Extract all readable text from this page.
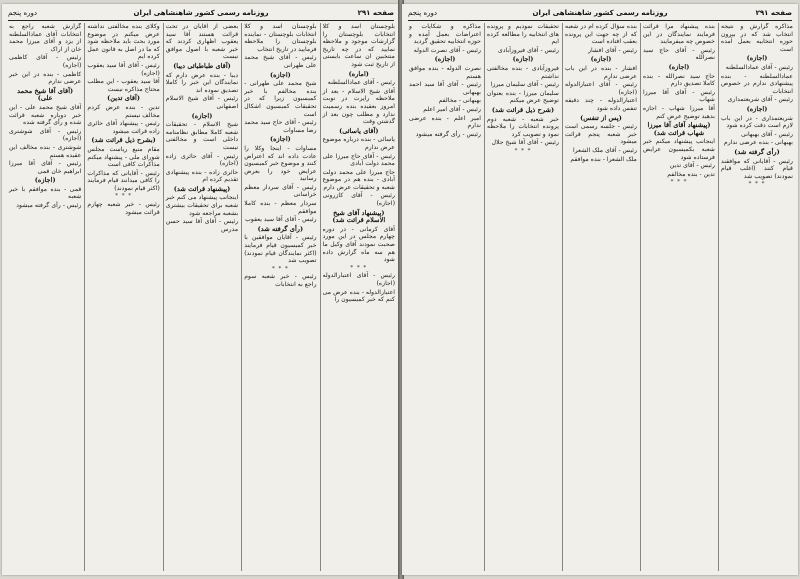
صفحه ۲۹۱
روزنامه رسمی کشور شاهنشاهی ایران
دوره پنجم

بلوچستان اسد و کلا انتخابات بلوچستان را گزارشات موجود و ملاحظه نمایید که در چه تاریخ منتخبین ان ساعت بایستی از تاریخ ثبت شود

(اماره)

رئیس - آقای عمادالسلطنه

آقای شیخ الاسلام - بعد از ملاحظه راپرت در نوبت امروز بعقیده بنده رسمیت ندارد و مطلب چون بعد از گذشتن وقت

(آقای یاسائی)

یاسائی - بنده درباره موضوع عرض ندارم

رئیس - آقای حاج میرزا علی محمد دولت آبادی

حاج میرزا علی محمد دولت آبادی - بنده هم در موضوع شعبه و تحقیقات عرض دارم

رئیس - آقای کازرونی (اجازه)

(پیشنهاد آقای شیخ الاسلام قرائت شد)

آقای کرمانی - در دوره چهارم مجلس در این مورد صحبت نمودند آقای وکیل ما هم سه ماه گزارش داده شود

* * *

رئیس - آقای اعتبارالدوله (اجازه)

اعتبارالدوله - بنده عرض می کنم که خبر کمیسیون را

بلوچستان اسد و کلا انتخابات بلوچستان - نماینده بلوچستان را ملاحظه فرمایید در تاریخ انتخاب

رئیس - آقای شیخ محمد علی طهرانی

(اجازه)

شیخ محمد علی طهرانی - بنده مخالفم با خبر کمیسیون زیرا که در تحقیقات کمیسیون اشکال است

رئیس - آقای حاج سید محمد رضا مساوات

(اجازه)

مساوات - اینجا وکلا را عادت داده اند که اعتراض کنند و موضوع خبر کمیسیون عرایض خود را بعرض رسانید

رئیس - آقای سردار معظم خراسانی

سردار معظم - بنده کاملا موافقم

رئیس - آقای آقا سید یعقوب

(رأی گرفته شد)

رئیس - آقایان موافقین با خبر کمیسیون قیام فرمایند (اکثر نمایندگان قیام نمودند) تصویب شد

* * *

رئیس - خبر شعبه سوم راجع به انتخابات

بعضی از آقایان در تحت قرائت هستند آقا سید یعقوب اظهاری کردند که خبر شعبه با اصول موافق نیست

(آقای طباطبائی دیبا)

دیبا - بنده عرض دارم که نمایندگان این خبر را کاملا تصدیق نموده اند

رئیس - آقای شیخ الاسلام اصفهانی

(اجازه)

شیخ الاسلام - تحقیقات شعبه کاملا مطابق نظامنامه داخلی است و مخالفتی نیست

رئیس - آقای حائری زاده (اجازه)

حائری زاده - بنده پیشنهادی تقدیم کرده ام

(پیشنهاد قرائت شد)

اینجانب پیشنهاد می کنم خبر شعبه برای تحقیقات بیشتری بشعبه مراجعه شود

رئیس - آقای آقا سید حسن مدرس

وکلای بنده مخالفتی نداشته عرض میکنم در موضوع مورد بحث باید ملاحظه شود که ما در اصل به قانون عمل کرده ایم

رئیس - آقای آقا سید یعقوب (اجازه)

آقا سید یعقوب - این مطلب محتاج مذاکره نیست

(آقای تدین)

تدین - بنده عرض کردم مخالف نیستم

رئیس - پیشنهاد آقای حائری زاده قرائت میشود

(بشرح ذیل قرائت شد)

مقام منیع ریاست مجلس شورای ملی - پیشنهاد میکنم مذاکرات کافی است

رئیس - آقایانی که مذاکرات را کافی میدانند قیام فرمایند (اکثر قیام نمودند)

* * *

رئیس - خبر شعبه چهارم قرائت میشود

گزارش شعبه راجع به انتخابات آقای عمادالسلطنه از یزد و آقای میرزا محمد خان از اراک

رئیس - آقای کاظمی (اجازه)

کاظمی - بنده در این خبر عرضی ندارم

(آقای آقا شیخ محمد علی)

آقای شیخ محمد علی - این خبر دوباره شعبه قرائت شده و رأی گرفته شده

رئیس - آقای شوشتری (اجازه)

شوشتری - بنده مخالف این عقیده هستم

رئیس - آقای آقا میرزا ابراهیم خان قمی

(اجازه)

قمی - بنده موافقم با خبر شعبه

رئیس - رأی گرفته میشود

صفحه ۲۹۱
روزنامه رسمی کشور شاهنشاهی ایران
دوره پنجم

مذاکره گزارش و نتیجه انتخاب شد که در بیرون حوزه انتخابیه بعمل آمده است

(اجازه)

رئیس - آقای عمادالسلطنه

عمادالسلطنه - بنده پیشنهادی ندارم در خصوص انتخابات

رئیس - آقای شریعتمداری

(اجازه)

شریعتمداری - در این باب لازم است دقت کرده شود

رئیس - آقای بهبهانی

بهبهانی - بنده عرضی ندارم

(رأی گرفته شد)

رئیس - آقایانی که موافقند قیام کنند (اغلب قیام نمودند) تصویب شد

* * *

بنده پیشنهاد مرا قرائت فرمایند نمایندگان در این خصوص چه میفرمایند

رئیس - آقای حاج سید نصرالله

(اجازه)

حاج سید نصرالله - بنده کاملا تصدیق دارم

رئیس - آقای آقا میرزا شهاب

آقا میرزا شهاب - اجازه بدهید توضیح عرض کنم

(پیشنهاد آقای آقا میرزا شهاب قرائت شد)

اینجانب پیشنهاد میکنم خبر شعبه بکمیسیون عرایض فرستاده شود

رئیس - آقای تدین

تدین - بنده مخالفم

* * *

بنده سؤال کرده ام در شعبه که از چه جهت این پرونده بعقب افتاده است

رئیس - آقای افشار

(اجازه)

افشار - بنده در این باب عرضی ندارم

رئیس - آقای اعتبارالدوله (اجازه)

اعتبارالدوله - چند دقیقه تنفس داده شود

(پس از تنفس)

رئیس - جلسه رسمی است خبر شعبه پنجم قرائت میشود

رئیس - آقای ملک الشعرا

ملک الشعرا - بنده موافقم

تحقیقات نمودیم و پرونده های انتخابیه را مطالعه کرده ایم

رئیس - آقای فیروزآبادی

(اجازه)

فیروزآبادی - بنده مخالفتی نداشتم

رئیس - آقای سلیمان میرزا

سلیمان میرزا - بنده بعنوان توضیح عرض میکنم

(شرح ذیل قرائت شد)

خبر شعبه - شعبه دوم پرونده انتخابات را ملاحظه نمود و تصویب کرد

رئیس - آقای آقا شیخ جلال

* * *

مذاکره و شکایات و اعتراضات بعمل آمده و حوزه انتخابیه تحقیق گردید

رئیس - آقای نصرت الدوله

(اجازه)

نصرت الدوله - بنده موافق هستم

رئیس - آقای آقا سید احمد بهبهانی

بهبهانی - مخالفم

رئیس - آقای امیر اعلم

امیر اعلم - بنده عرضی ندارم

رئیس - رأی گرفته میشود
